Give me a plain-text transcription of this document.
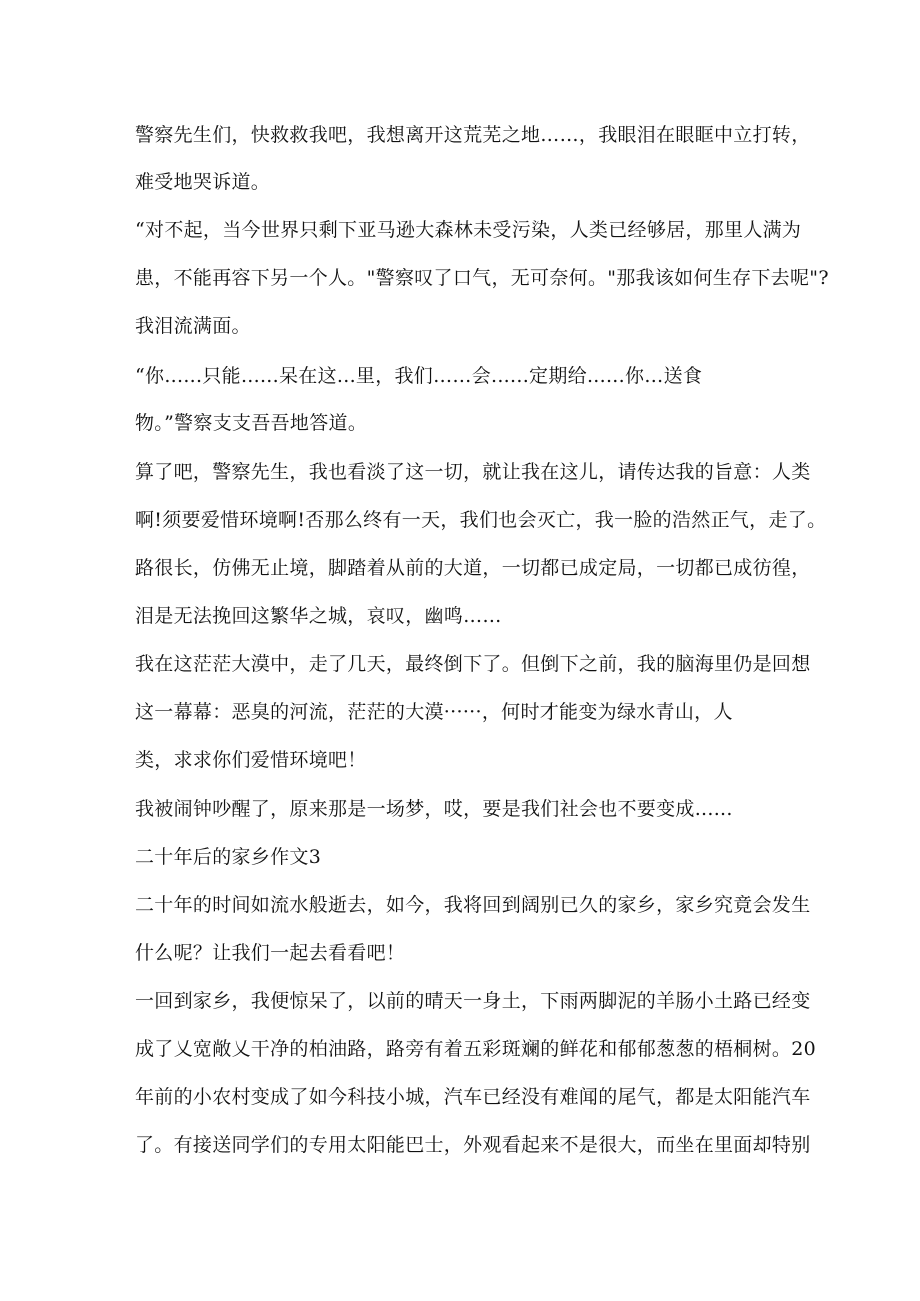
警察先生们，快救救我吧，我想离开这荒芜之地……，我眼泪在眼眶中立打转，
难受地哭诉道。
“对不起，当今世界只剩下亚马逊大森林未受污染，人类已经够居，那里人满为
患，不能再容下另一个人。"警察叹了口气，无可奈何。"那我该如何生存下去呢"?
我泪流满面。
“你......只能......呆在这...里，我们……会......定期给......你…送食
物。”警察支支吾吾地答道。
算了吧，警察先生，我也看淡了这一切，就让我在这儿，请传达我的旨意：人类
啊!须要爱惜环境啊!否那么终有一天，我们也会灭亡，我一脸的浩然正气，走了。
路很长，仿佛无止境，脚踏着从前的大道，一切都已成定局，一切都已成彷徨，
泪是无法挽回这繁华之城，哀叹，幽鸣……
我在这茫茫大漠中，走了几天，最终倒下了。但倒下之前，我的脑海里仍是回想
这一幕幕：恶臭的河流，茫茫的大漠······，何时才能变为绿水青山，人
类，求求你们爱惜环境吧！
我被闹钟吵醒了，原来那是一场梦，哎，要是我们社会也不要变成......
二十年后的家乡作文3
二十年的时间如流水般逝去，如今，我将回到阔别已久的家乡，家乡究竟会发生
什么呢？让我们一起去看看吧！
一回到家乡，我便惊呆了，以前的晴天一身土，下雨两脚泥的羊肠小土路已经变
成了乂宽敞乂干净的柏油路，路旁有着五彩斑斓的鲜花和郁郁葱葱的梧桐树。20
年前的小农村变成了如今科技小城，汽车已经没有难闻的尾气，都是太阳能汽车
了。有接送同学们的专用太阳能巴士，外观看起来不是很大，而坐在里面却特别
